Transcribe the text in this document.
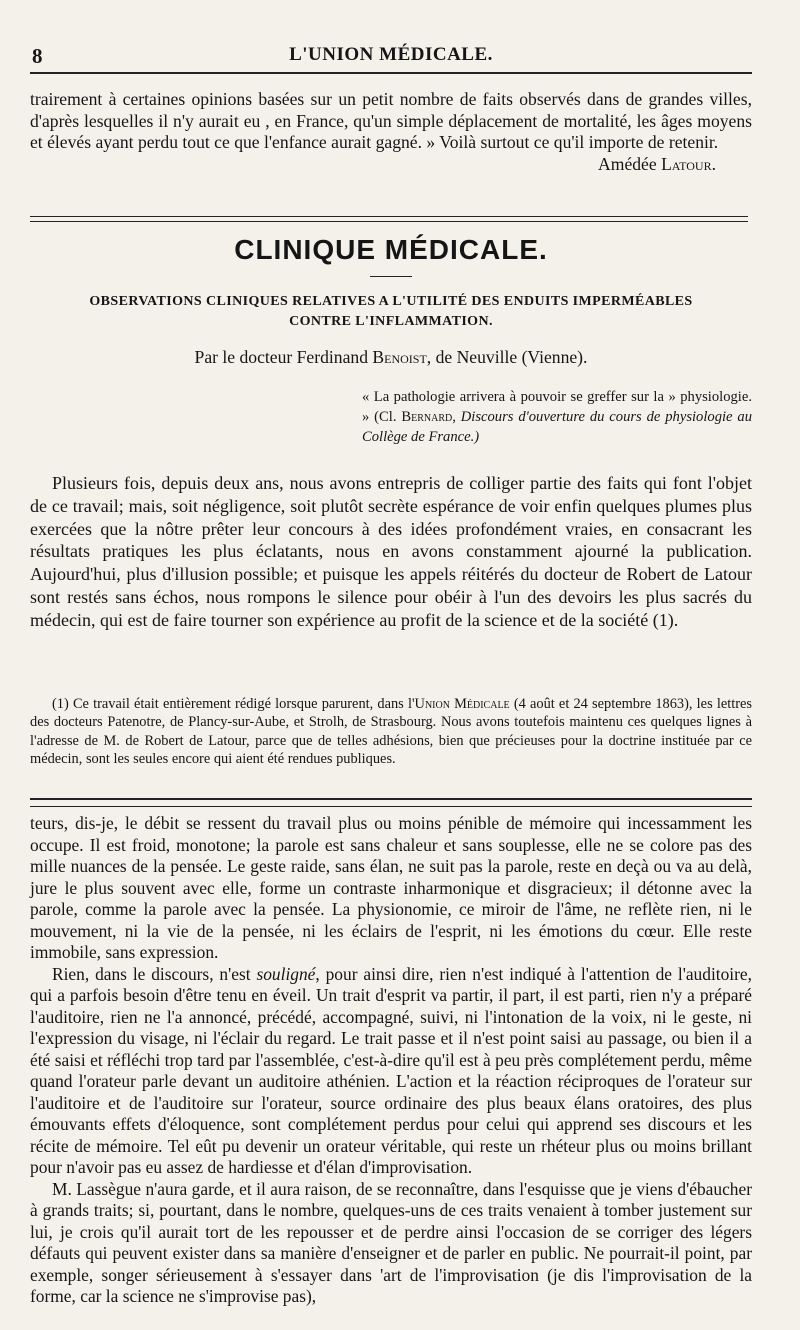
8	L'UNION MÉDICALE.

trairement à certaines opinions basées sur un petit nombre de faits observés dans de grandes villes, d'après lesquelles il n'y aurait eu , en France, qu'un simple déplacement de mortalité, les âges moyens et élevés ayant perdu tout ce que l'enfance aurait gagné. » Voilà surtout ce qu'il importe de retenir.

Amédée Latour.
CLINIQUE MÉDICALE.
OBSERVATIONS CLINIQUES RELATIVES A L'UTILITÉ DES ENDUITS IMPERMÉABLES
CONTRE L'INFLAMMATION.
Par le docteur Ferdinand Benoist, de Neuville (Vienne).
« La pathologie arrivera à pouvoir se greffer sur la » physiologie. » (Cl. Bernard, Discours d'ouverture du cours de physiologie au Collège de France.)

Plusieurs fois, depuis deux ans, nous avons entrepris de colliger partie des faits qui font l'objet de ce travail; mais, soit négligence, soit plutôt secrète espérance de voir enfin quelques plumes plus exercées que la nôtre prêter leur concours à des idées profondément vraies, en consacrant les résultats pratiques les plus éclatants, nous en avons constamment ajourné la publication. Aujourd'hui, plus d'illusion possible; et puisque les appels réitérés du docteur de Robert de Latour sont restés sans échos, nous rompons le silence pour obéir à l'un des devoirs les plus sacrés du médecin, qui est de faire tourner son expérience au profit de la science et de la société (1).

(1) Ce travail était entièrement rédigé lorsque parurent, dans l'Union Médicale (4 août et 24 septembre 1863), les lettres des docteurs Patenotre, de Plancy-sur-Aube, et Strolh, de Strasbourg. Nous avons toutefois maintenu ces quelques lignes à l'adresse de M. de Robert de Latour, parce que de telles adhésions, bien que précieuses pour la doctrine instituée par ce médecin, sont les seules encore qui aient été rendues publiques.

teurs, dis-je, le débit se ressent du travail plus ou moins pénible de mémoire qui incessamment les occupe. Il est froid, monotone; la parole est sans chaleur et sans souplesse, elle ne se colore pas des mille nuances de la pensée. Le geste raide, sans élan, ne suit pas la parole, reste en deçà ou va au delà, jure le plus souvent avec elle, forme un contraste inharmonique et disgracieux; il détonne avec la parole, comme la parole avec la pensée. La physionomie, ce miroir de l'âme, ne reflète rien, ni le mouvement, ni la vie de la pensée, ni les éclairs de l'esprit, ni les émotions du cœur. Elle reste immobile, sans expression.

Rien, dans le discours, n'est souligné, pour ainsi dire, rien n'est indiqué à l'attention de l'auditoire, qui a parfois besoin d'être tenu en éveil. Un trait d'esprit va partir, il part, il est parti, rien n'y a préparé l'auditoire, rien ne l'a annoncé, précédé, accompagné, suivi, ni l'intonation de la voix, ni le geste, ni l'expression du visage, ni l'éclair du regard. Le trait passe et il n'est point saisi au passage, ou bien il a été saisi et réfléchi trop tard par l'assemblée, c'est-à-dire qu'il est à peu près complétement perdu, même quand l'orateur parle devant un auditoire athénien. L'action et la réaction réciproques de l'orateur sur l'auditoire et de l'auditoire sur l'orateur, source ordinaire des plus beaux élans oratoires, des plus émouvants effets d'éloquence, sont complétement perdus pour celui qui apprend ses discours et les récite de mémoire. Tel eût pu devenir un orateur véritable, qui reste un rhéteur plus ou moins brillant pour n'avoir pas eu assez de hardiesse et d'élan d'improvisation.

M. Lassègue n'aura garde, et il aura raison, de se reconnaître, dans l'esquisse que je viens d'ébaucher à grands traits; si, pourtant, dans le nombre, quelques-uns de ces traits venaient à tomber justement sur lui, je crois qu'il aurait tort de les repousser et de perdre ainsi l'occasion de se corriger des légers défauts qui peuvent exister dans sa manière d'enseigner et de parler en public. Ne pourrait-il point, par exemple, songer sérieusement à s'essayer dans 'art de l'improvisation (je dis l'improvisation de la forme, car la science ne s'improvise pas),
